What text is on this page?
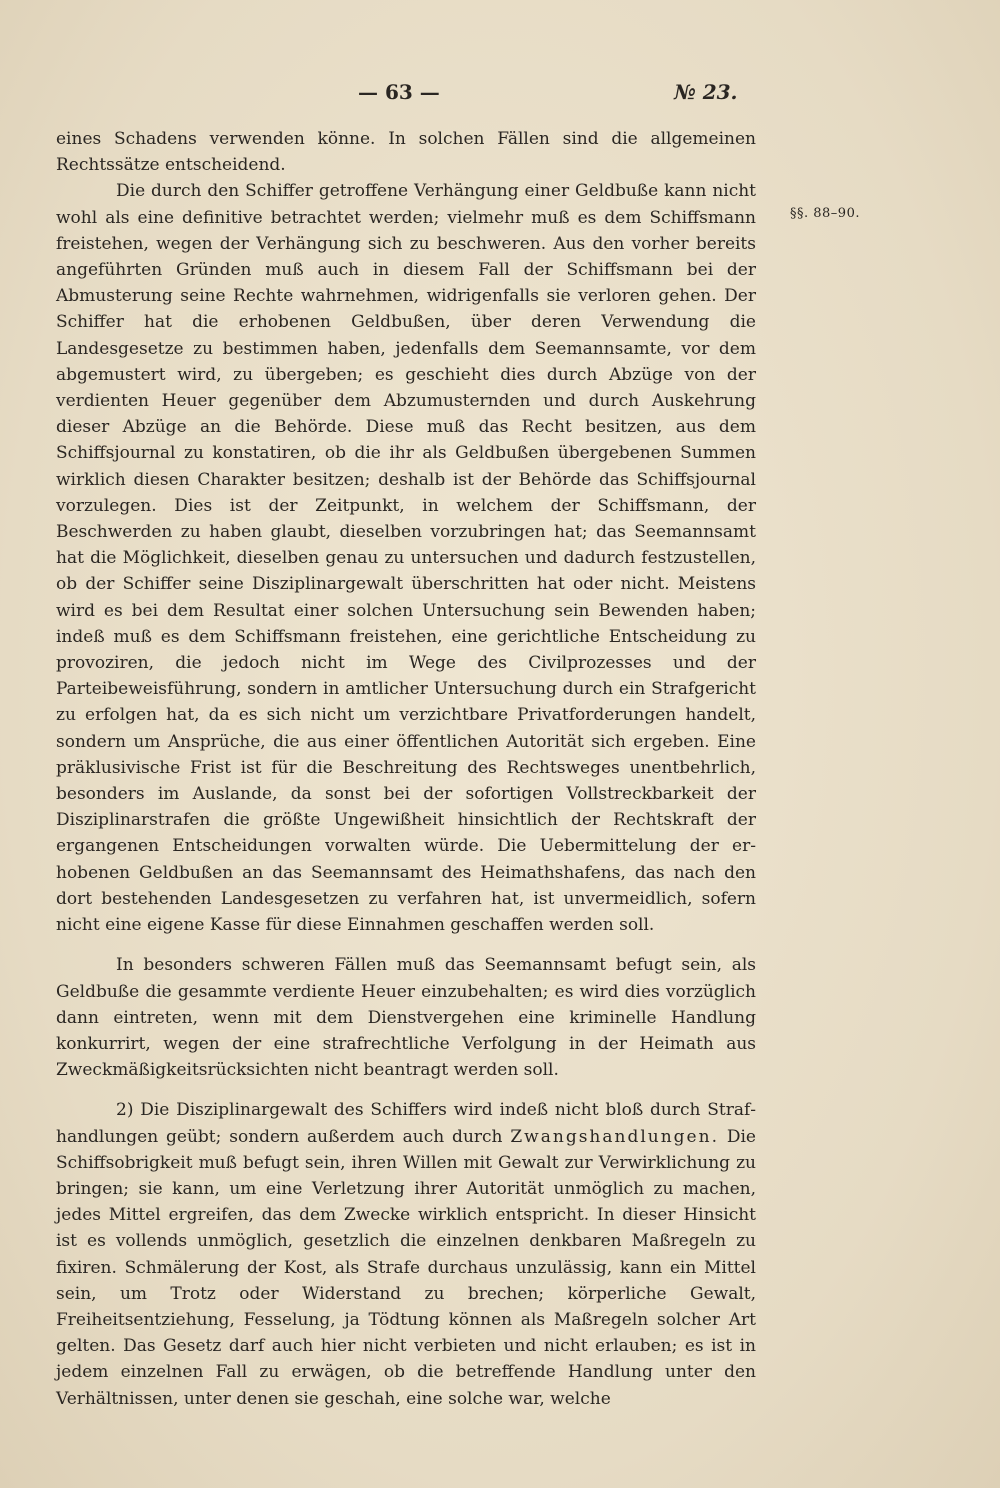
— 63 —	№ 23.
§§. 88–90.

eines Schadens verwenden könne. In solchen Fällen sind die allgemeinen Rechtssätze entscheidend.

Die durch den Schiffer getroffene Verhängung einer Geldbuße kann nicht wohl als eine definitive betrachtet werden; vielmehr muß es dem Schiffsmann freistehen, wegen der Verhängung sich zu beschweren. Aus den vorher bereits angeführten Gründen muß auch in diesem Fall der Schiffsmann bei der Abmusterung seine Rechte wahrnehmen, widrigenfalls sie verloren gehen. Der Schiffer hat die erhobenen Geldbußen, über deren Verwendung die Landesgesetze zu bestimmen haben, jedenfalls dem Seemannsamte, vor dem abgemustert wird, zu übergeben; es geschieht dies durch Abzüge von der verdienten Heuer gegenüber dem Abzumusternden und durch Auskehrung dieser Abzüge an die Behörde. Diese muß das Recht besitzen, aus dem Schiffsjournal zu konstatiren, ob die ihr als Geldbußen übergebenen Summen wirklich diesen Charakter besitzen; deshalb ist der Behörde das Schiffsjournal vorzulegen. Dies ist der Zeitpunkt, in welchem der Schiffsmann, der Beschwerden zu haben glaubt, dieselben vorzubringen hat; das Seemannsamt hat die Möglichkeit, dieselben genau zu untersuchen und dadurch festzustellen, ob der Schiffer seine Disziplinargewalt überschritten hat oder nicht. Meistens wird es bei dem Resultat einer solchen Untersuchung sein Bewenden haben; indeß muß es dem Schiffsmann freistehen, eine gerichtliche Entscheidung zu provoziren, die jedoch nicht im Wege des Civilprozesses und der Parteibeweisführung, sondern in amtlicher Untersuchung durch ein Strafgericht zu erfolgen hat, da es sich nicht um verzichtbare Privatforderungen handelt, sondern um Ansprüche, die aus einer öffentlichen Autorität sich ergeben. Eine präklusivische Frist ist für die Beschreitung des Rechtsweges unentbehrlich, besonders im Auslande, da sonst bei der sofortigen Vollstreckbarkeit der Disziplinarstrafen die größte Ungewißheit hinsichtlich der Rechtskraft der ergangenen Entscheidungen vorwalten würde. Die Uebermittelung der erhobenen Geldbußen an das Seemannsamt des Heimathshafens, das nach den dort bestehenden Landesgesetzen zu verfahren hat, ist unvermeidlich, sofern nicht eine eigene Kasse für diese Einnahmen geschaffen werden soll.

In besonders schweren Fällen muß das Seemannsamt befugt sein, als Geldbuße die gesammte verdiente Heuer einzubehalten; es wird dies vorzüglich dann eintreten, wenn mit dem Dienstvergehen eine kriminelle Handlung konkurrirt, wegen der eine strafrechtliche Verfolgung in der Heimath aus Zweckmäßigkeitsrücksichten nicht beantragt werden soll.

2) Die Disziplinargewalt des Schiffers wird indeß nicht bloß durch Strafhandlungen geübt; sondern außerdem auch durch Zwangshandlungen. Die Schiffsobrigkeit muß befugt sein, ihren Willen mit Gewalt zur Verwirklichung zu bringen; sie kann, um eine Verletzung ihrer Autorität unmöglich zu machen, jedes Mittel ergreifen, das dem Zwecke wirklich entspricht. In dieser Hinsicht ist es vollends unmöglich, gesetzlich die einzelnen denkbaren Maßregeln zu fixiren. Schmälerung der Kost, als Strafe durchaus unzulässig, kann ein Mittel sein, um Trotz oder Widerstand zu brechen; körperliche Gewalt, Freiheitsentziehung, Fesselung, ja Tödtung können als Maßregeln solcher Art gelten. Das Gesetz darf auch hier nicht verbieten und nicht erlauben; es ist in jedem einzelnen Fall zu erwägen, ob die betreffende Handlung unter den Verhältnissen, unter denen sie geschah, eine solche war, welche
